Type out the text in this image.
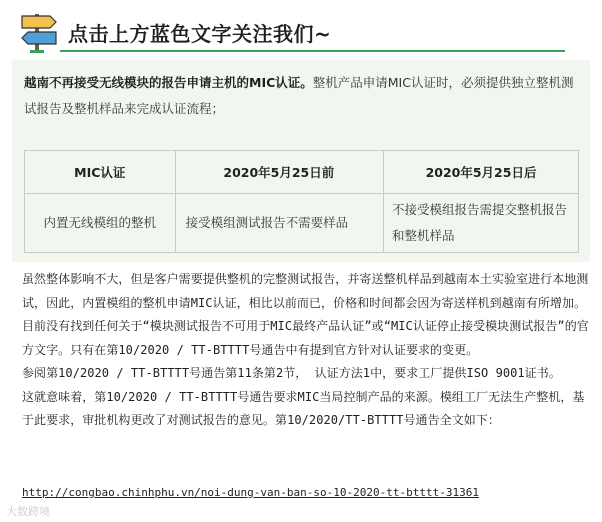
点击上方蓝色文字关注我们~
越南不再接受无线模块的报告申请主机的MIC认证。整机产品申请MIC认证时，必须提供独立整机测试报告及整机样品来完成认证流程；
MIC认证	2020年5月25日前	2020年5月25日后
内置无线模组的整机	接受模组测试报告不需要样品	不接受模组报告需提交整机报告和整机样品

虽然整体影响不大，但是客户需要提供整机的完整测试报告，并寄送整机样品到越南本土实验室进行本地测试，因此，内置模组的整机申请MIC认证，相比以前而已，价格和时间都会因为寄送样机到越南有所增加。

目前没有找到任何关于“模块测试报告不可用于MIC最终产品认证”或“MIC认证停止接受模块测试报告”的官方文字。只有在第10/2020 / TT-BTTTT号通告中有提到官方针对认证要求的变更。

参阅第10/2020 / TT-BTTTT号通告第11条第2节， 认证方法1中，要求工厂提供ISO 9001证书。

这就意味着，第10/2020 / TT-BTTTT号通告要求MIC当局控制产品的来源。模组工厂无法生产整机，基于此要求，审批机构更改了对测试报告的意见。第10/2020/TT-BTTTT号通告全文如下：

http://congbao.chinhphu.vn/noi-dung-van-ban-so-10-2020-tt-btttt-31361
大数跨境
